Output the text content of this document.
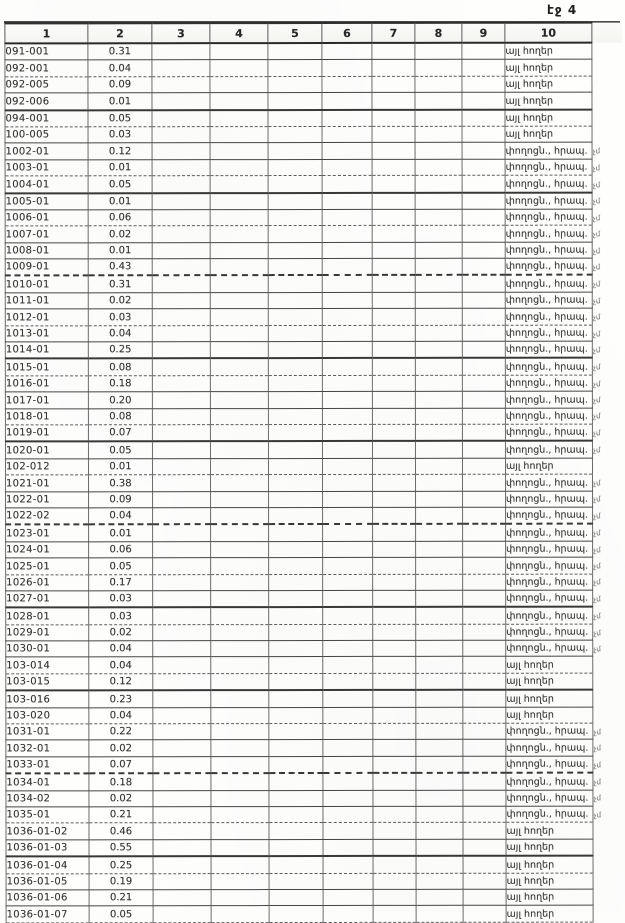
էջ 4
1	2	3	4	5	6	7	8	9	10	
091-001	0.31								այլ հողեր	
092-001	0.04								այլ հողեր	
092-005	0.09								այլ հողեր	
092-006	0.01								այլ հողեր	
094-001	0.05								այլ հողեր	
100-005	0.03								այլ հողեր	
1002-01	0.12								փողոցն., հրապ.	չմ
1003-01	0.01								փողոցն., հրապ.	չմ
1004-01	0.05								փողոցն., հրապ.	չմ
1005-01	0.01								փողոցն., հրապ.	չմ
1006-01	0.06								փողոցն., հրապ.	չմ
1007-01	0.02								փողոցն., հրապ.	չմ
1008-01	0.01								փողոցն., հրապ.	չմ
1009-01	0.43								փողոցն., հրապ.	չմ
1010-01	0.31								փողոցն., հրապ.	չմ
1011-01	0.02								փողոցն., հրապ.	չմ
1012-01	0.03								փողոցն., հրապ.	չմ
1013-01	0.04								փողոցն., հրապ.	չմ
1014-01	0.25								փողոցն., հրապ.	չմ
1015-01	0.08								փողոցն., հրապ.	չմ
1016-01	0.18								փողոցն., հրապ.	չմ
1017-01	0.20								փողոցն., հրապ.	չմ
1018-01	0.08								փողոցն., հրապ.	չմ
1019-01	0.07								փողոցն., հրապ.	չմ
1020-01	0.05								փողոցն., հրապ.	չմ
102-012	0.01								այլ հողեր	
1021-01	0.38								փողոցն., հրապ.	չմ
1022-01	0.09								փողոցն., հրապ.	չմ
1022-02	0.04								փողոցն., հրապ.	չմ
1023-01	0.01								փողոցն., հրապ.	չմ
1024-01	0.06								փողոցն., հրապ.	չմ
1025-01	0.05								փողոցն., հրապ.	չմ
1026-01	0.17								փողոցն., հրապ.	չմ
1027-01	0.03								փողոցն., հրապ.	չմ
1028-01	0.03								փողոցն., հրապ.	չմ
1029-01	0.02								փողոցն., հրապ.	չմ
1030-01	0.04								փողոցն., հրապ.	չմ
103-014	0.04								այլ հողեր	
103-015	0.12								այլ հողեր	
103-016	0.23								այլ հողեր	
103-020	0.04								այլ հողեր	
1031-01	0.22								փողոցն., հրապ.	չմ
1032-01	0.02								փողոցն., հրապ.	չմ
1033-01	0.07								փողոցն., հրապ.	չմ
1034-01	0.18								փողոցն., հրապ.	չմ
1034-02	0.02								փողոցն., հրապ.	չմ
1035-01	0.21								փողոցն., հրապ.	չմ
1036-01-02	0.46								այլ հողեր	
1036-01-03	0.55								այլ հողեր	
1036-01-04	0.25								այլ հողեր	
1036-01-05	0.19								այլ հողեր	
1036-01-06	0.21								այլ հողեր	
1036-01-07	0.05								այլ հողեր	
